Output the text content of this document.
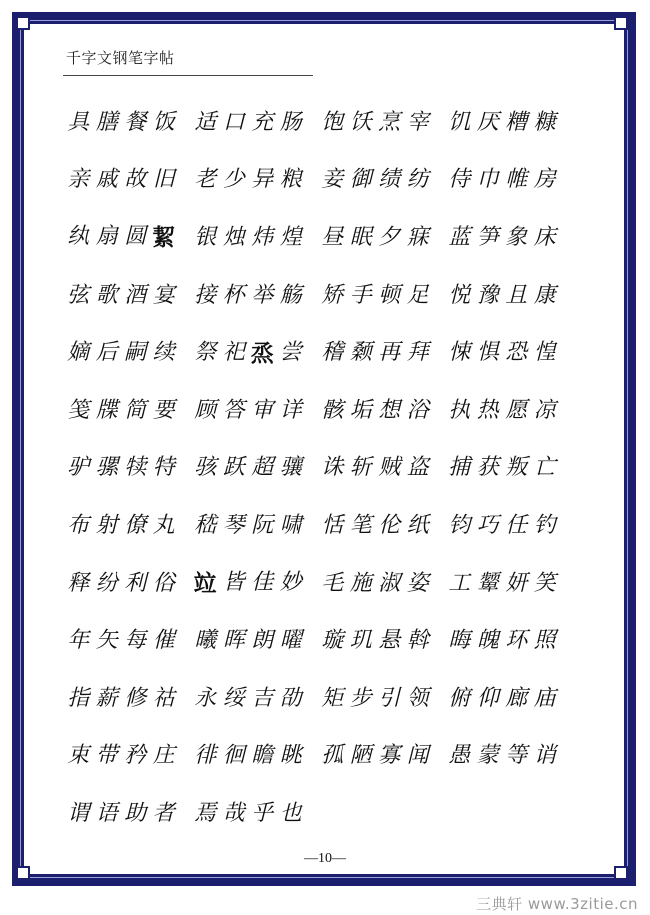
千字文钢笔字帖
具 膳 餐 饭 适 口 充 肠 饱 饫 烹 宰 饥 厌 糟 糠
亲 戚 故 旧 老 少 异 粮 妾 御 绩 纺 侍 巾 帷 房
纨 扇 圆 絜 银 烛 炜 煌 昼 眠 夕 寐 蓝 笋 象 床
弦 歌 酒 宴 接 杯 举 觞 矫 手 顿 足 悦 豫 且 康
嫡 后 嗣 续 祭 祀 烝 尝 稽 颡 再 拜 悚 惧 恐 惶
笺 牒 简 要 顾 答 审 详 骸 垢 想 浴 执 热 愿 凉
驴 骡 犊 特 骇 跃 超 骧 诛 斩 贼 盗 捕 获 叛 亡
布 射 僚 丸 嵇 琴 阮 啸 恬 笔 伦 纸 钧 巧 任 钓
释 纷 利 俗 竝 皆 佳 妙 毛 施 淑 姿 工 颦 妍 笑
年 矢 每 催 曦 晖 朗 曜 璇 玑 悬 斡 晦 魄 环 照
指 薪 修 祜 永 绥 吉 劭 矩 步 引 领 俯 仰 廊 庙
束 带 矜 庄 徘 徊 瞻 眺 孤 陋 寡 闻 愚 蒙 等 诮
谓 语 助 者 焉 哉 乎 也
—10—
三典轩 www.3zitie.cn
